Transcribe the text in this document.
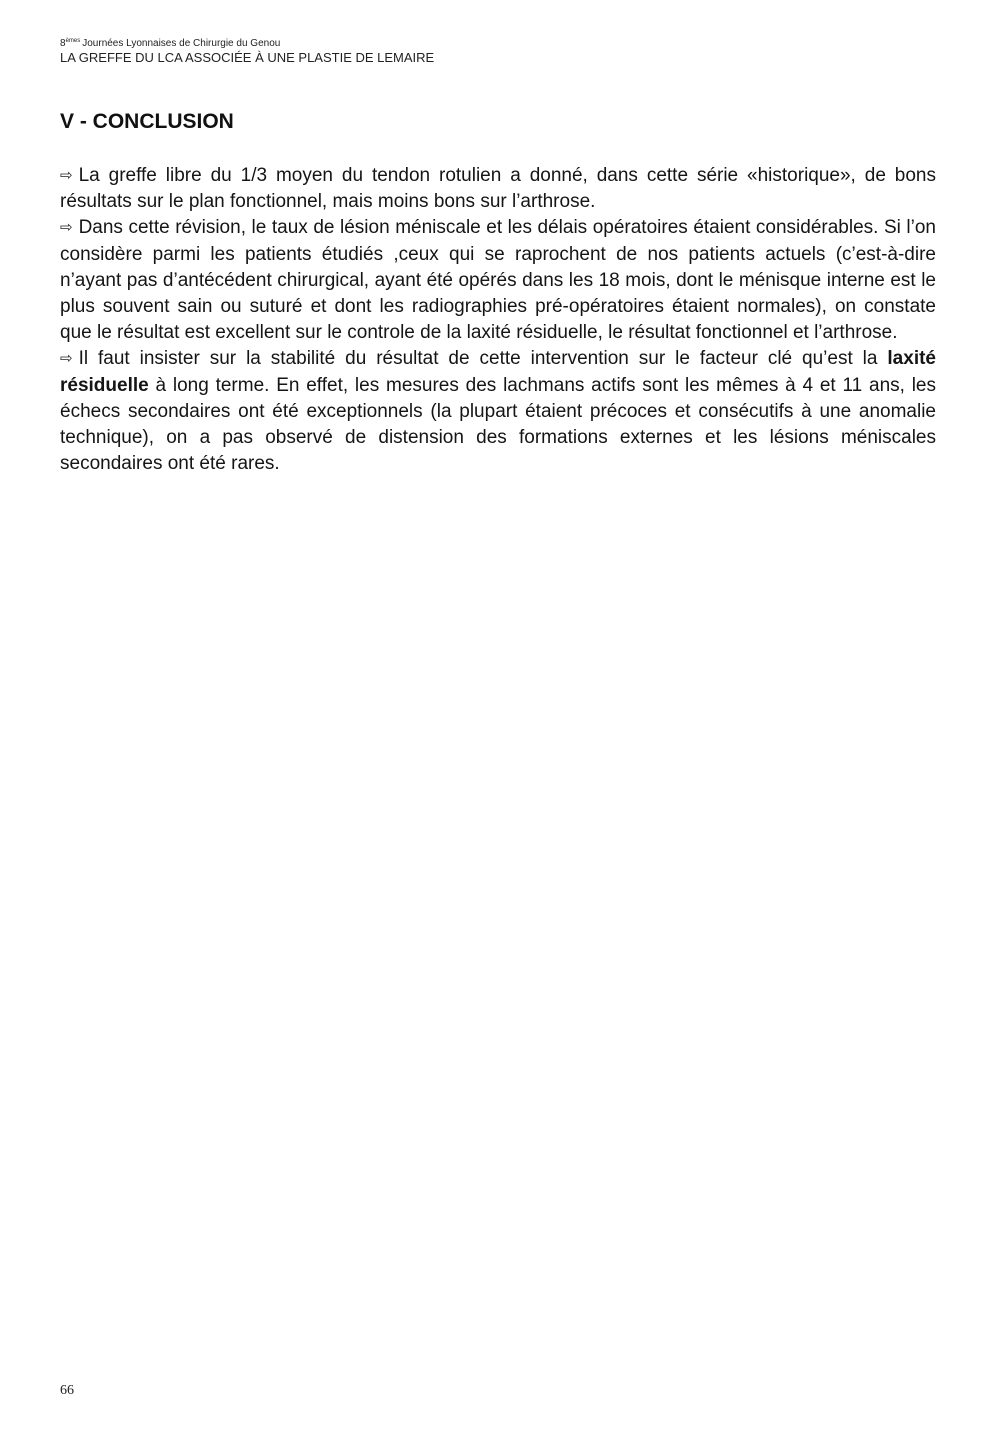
8èmes Journées Lyonnaises de Chirurgie du Genou
LA GREFFE DU LCA ASSOCIÉE À UNE PLASTIE DE LEMAIRE
V - CONCLUSION

⇨ La greffe libre du 1/3 moyen du tendon rotulien a donné, dans cette série «historique», de bons résultats sur le plan fonctionnel, mais moins bons sur l’arthrose.

⇨ Dans cette révision, le taux de lésion méniscale et les délais opératoires étaient considérables. Si l’on considère parmi les patients étudiés ,ceux qui se raprochent de nos patients actuels (c’est-à-dire n’ayant pas d’antécédent chirurgical, ayant été opérés dans les 18 mois, dont le ménisque interne est le plus souvent sain ou suturé et dont les radiographies pré-opératoires étaient normales), on constate que le résultat est excellent sur le controle de la laxité résiduelle, le résultat fonctionnel et l’arthrose.

⇨ Il faut insister sur la stabilité du résultat de cette intervention sur le facteur clé qu’est la laxité résiduelle à long terme. En effet, les mesures des lachmans actifs sont les mêmes à 4 et 11 ans, les échecs secondaires ont été exceptionnels (la plupart étaient précoces et consécutifs à une anomalie technique), on a pas observé de distension des formations externes et les lésions méniscales secondaires ont été rares.

66
